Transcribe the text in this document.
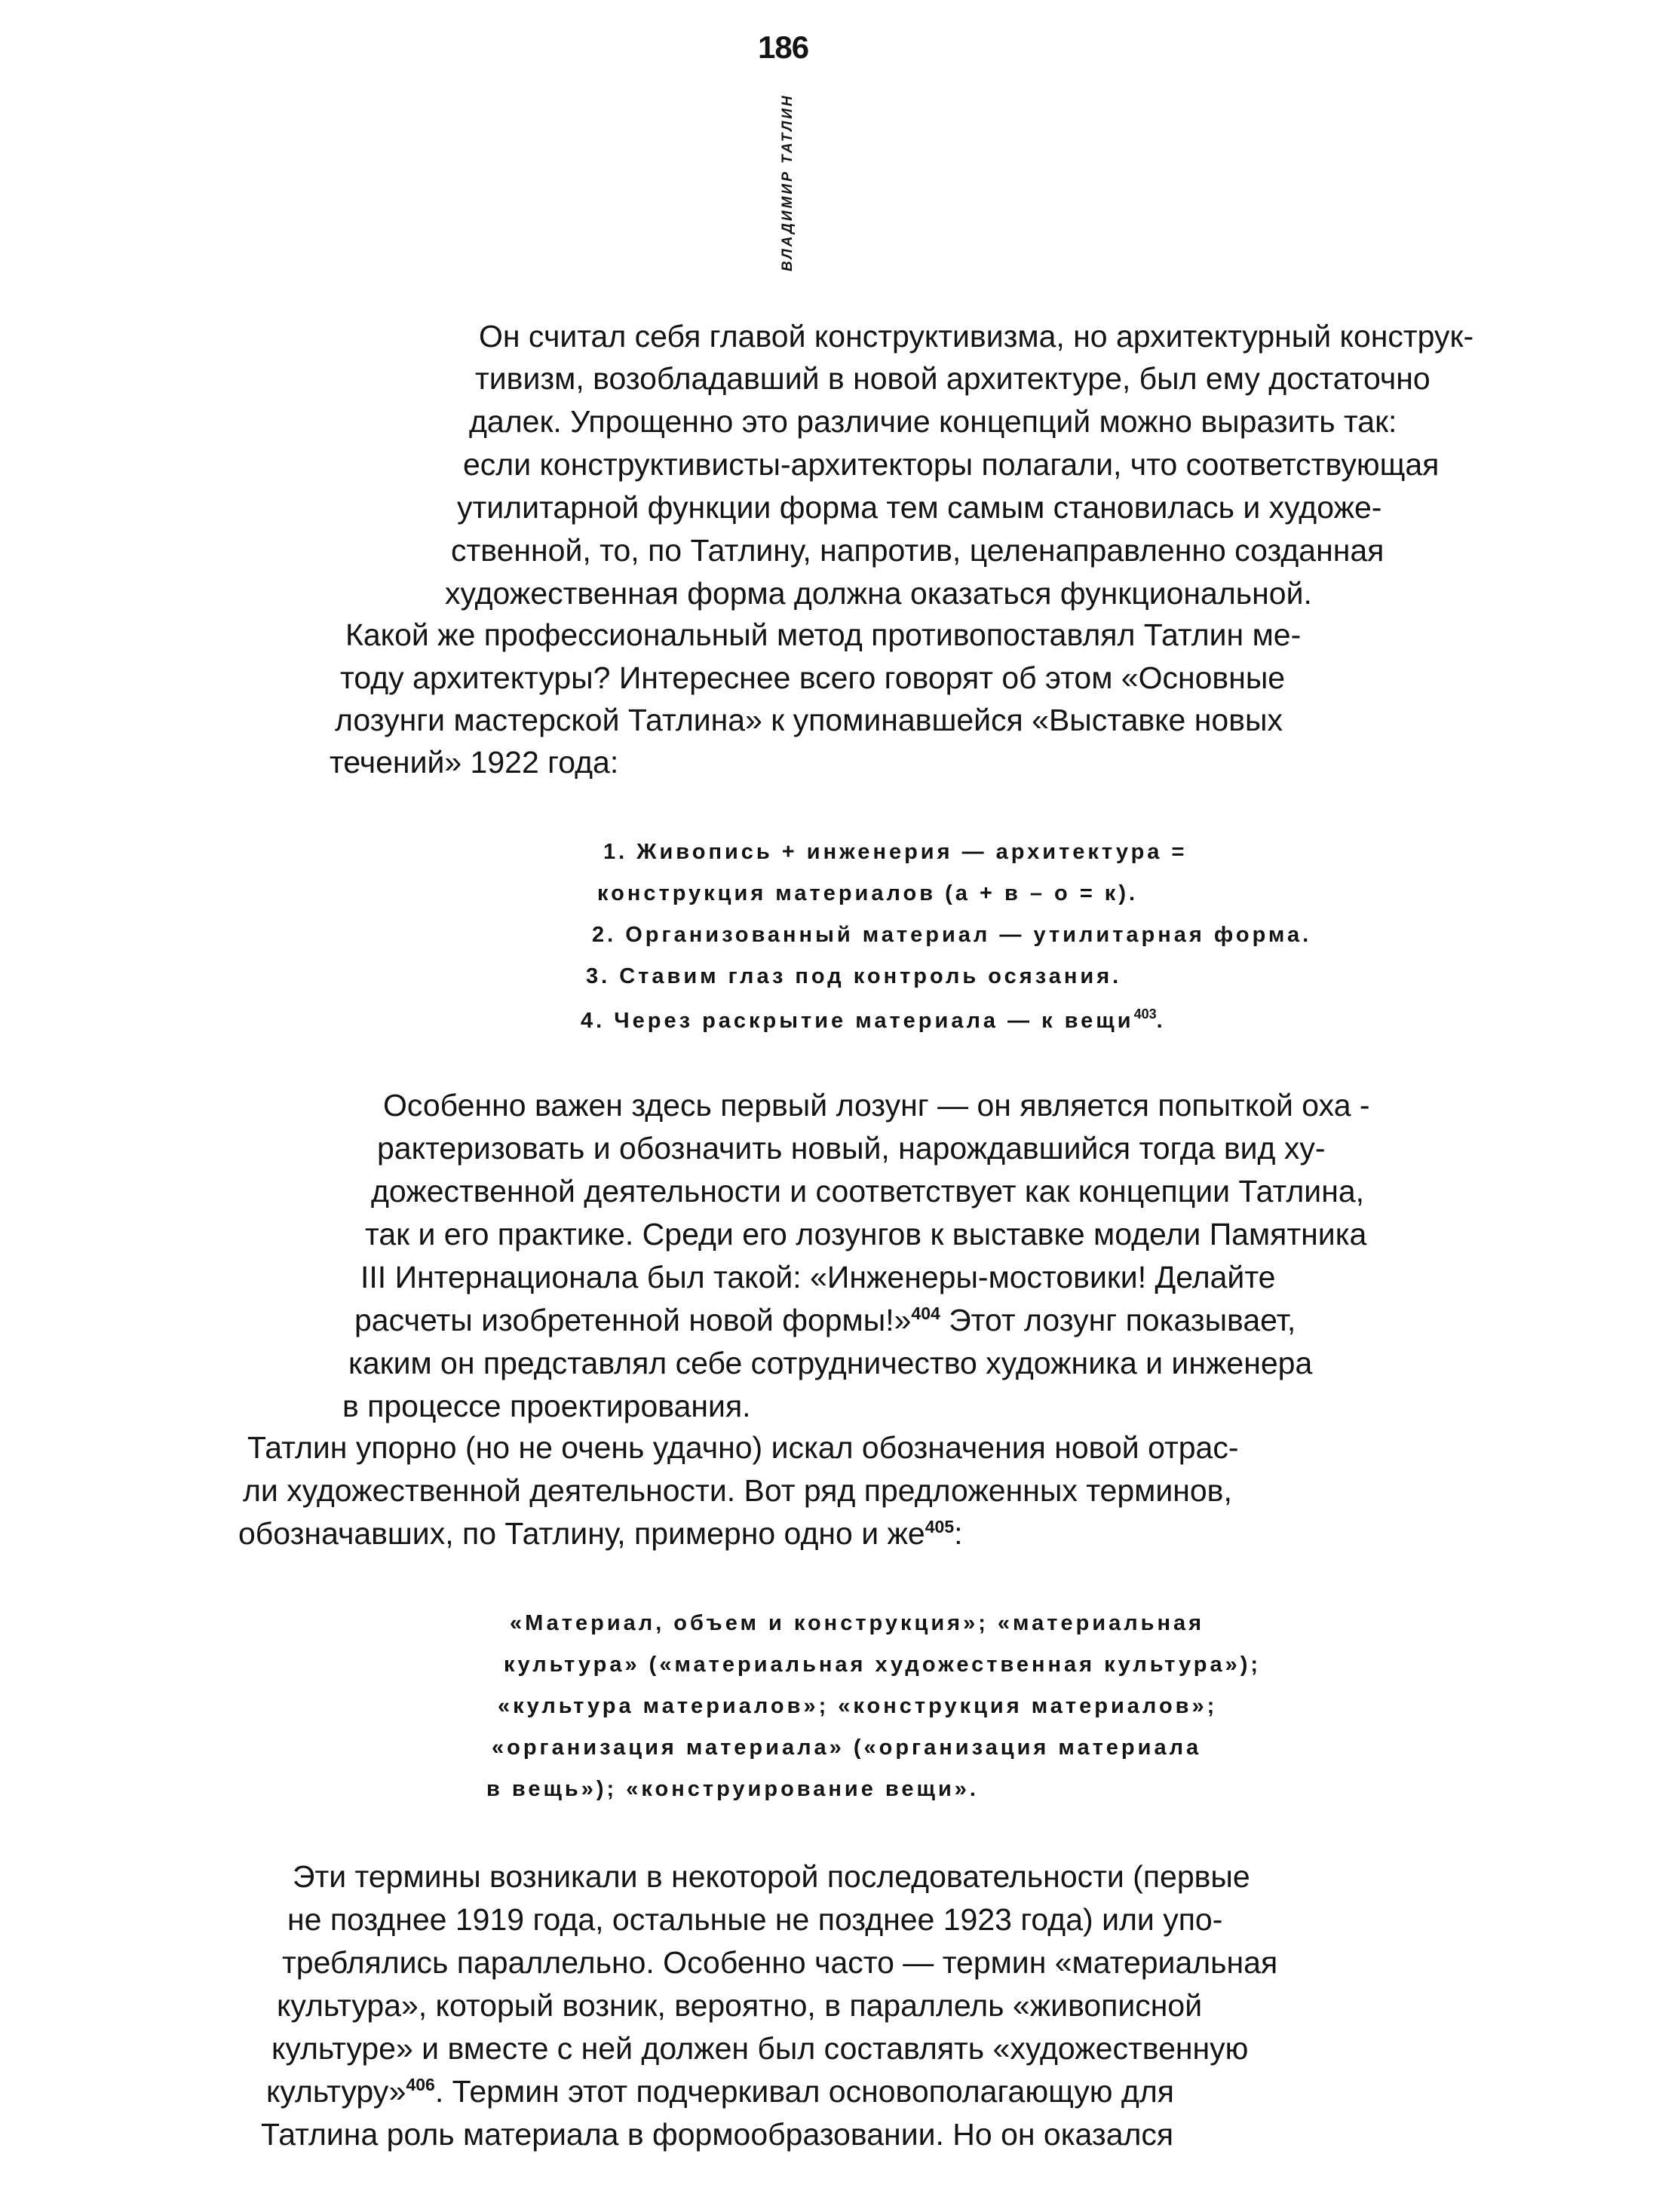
186
ВЛАДИМИР ТАТЛИН
Он считал себя главой конструктивизма, но архитектурный конструк-
тивизм, возобладавший в новой архитектуре, был ему достаточно
далек. Упрощенно это различие концепций можно выразить так:
если конструктивисты-архитекторы полагали, что соответствующая
утилитарной функции форма тем самым становилась и художе-
ственной, то, по Татлину, напротив, целенаправленно созданная
художественная форма должна оказаться функциональной.
Какой же профессиональный метод противопоставлял Татлин ме-
тоду архитектуры? Интереснее всего говорят об этом «Основные
лозунги мастерской Татлина» к упоминавшейся «Выставке новых
течений» 1922 года:
1. Живопись + инженерия — архитектура =
конструкция материалов (а + в – о = к).
2. Организованный материал — утилитарная форма.
3. Ставим глаз под контроль осязания.
4. Через раскрытие материала — к вещи$^{403}$.
Особенно важен здесь первый лозунг — он является попыткой оха -
рактеризовать и обозначить новый, нарождавшийся тогда вид ху-
дожественной деятельности и соответствует как концепции Татлина,
так и его практике. Среди его лозунгов к выставке модели Памятника
III Интернационала был такой: «Инженеры-мостовики! Делайте
расчеты изобретенной новой формы!»$^{404}$ Этот лозунг показывает,
каким он представлял себе сотрудничество художника и инженера
в процессе проектирования.
Татлин упорно (но не очень удачно) искал обозначения новой отрас-
ли художественной деятельности. Вот ряд предложенных терминов,
обозначавших, по Татлину, примерно одно и же$^{405}$:
«Материал, объем и конструкция»; «материальная
культура» («материальная художественная культура»);
«культура материалов»; «конструкция материалов»;
«организация материала» («организация материала
в вещь»); «конструирование вещи».
Эти термины возникали в некоторой последовательности (первые
не позднее 1919 года, остальные не позднее 1923 года) или упо-
треблялись параллельно. Особенно часто — термин «материальная
культура», который возник, вероятно, в параллель «живописной
культуре» и вместе с ней должен был составлять «художественную
культуру»$^{406}$. Термин этот подчеркивал основополагающую для
Татлина роль материала в формообразовании. Но он оказался
